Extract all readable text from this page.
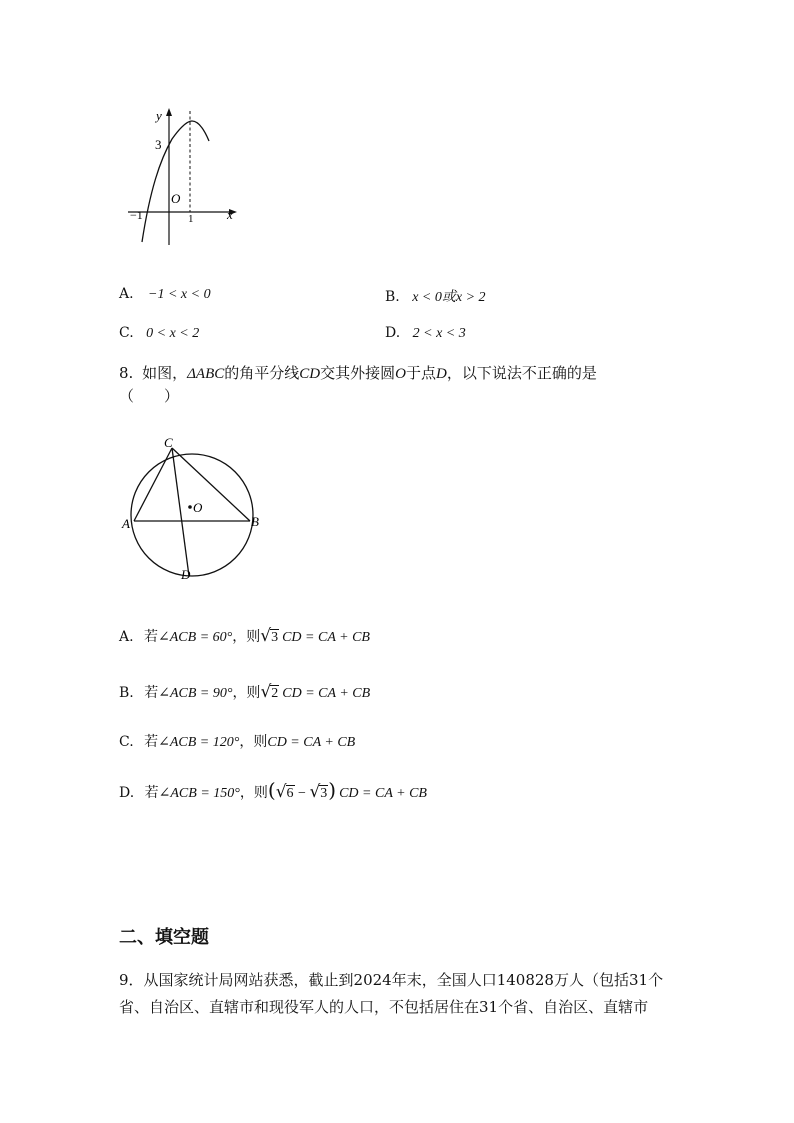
y
3
O
−1	1	x
A. −1 < x < 0	B. x < 0或x > 2
C. 0 < x < 2	D. 2 < x < 3
8. 如图，ΔABC的角平分线CD交其外接圆O于点D，以下说法不正确的是
（　　）
C
A	B
O
D
A. 若∠ACB = 60°，则√3 CD = CA + CB
B. 若∠ACB = 90°，则√2 CD = CA + CB
C. 若∠ACB = 120°，则CD = CA + CB
D. 若∠ACB = 150°，则(√6 − √3) CD = CA + CB
二、填空题
9．从国家统计局网站获悉，截止到2024年末，全国人口140828万人（包括31个
省、自治区、直辖市和现役军人的人口，不包括居住在31个省、自治区、直辖市
